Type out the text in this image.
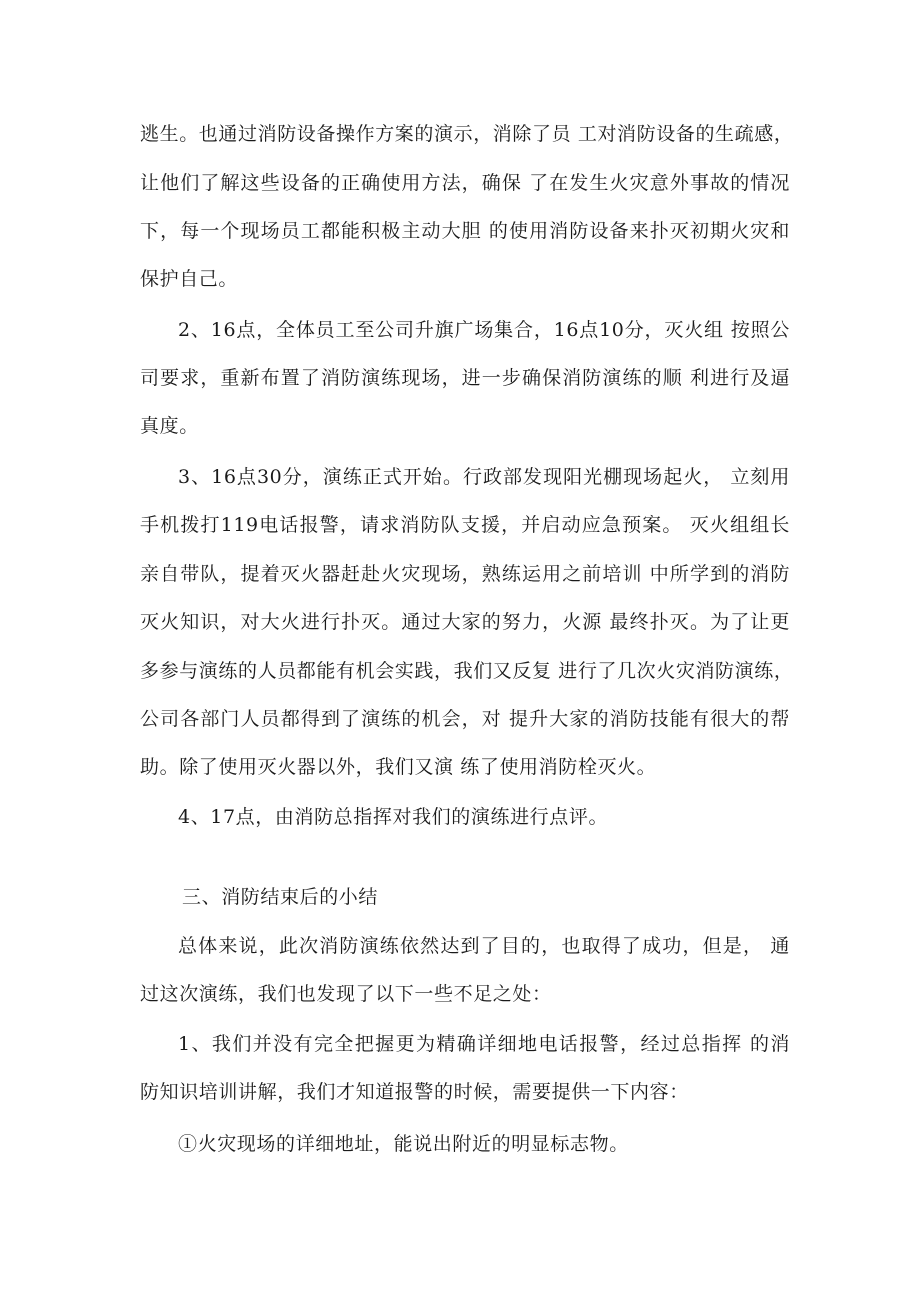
逃生。也通过消防设备操作方案的演示，消除了员 工对消防设备的生疏感，
让他们了解这些设备的正确使用方法，确保 了在发生火灾意外事故的情况
下，每一个现场员工都能积极主动大胆 的使用消防设备来扑灭初期火灾和
保护自己。
2、16点，全体员工至公司升旗广场集合，16点10分，灭火组 按照公
司要求，重新布置了消防演练现场，进一步确保消防演练的顺 利进行及逼
真度。
3、16点30分，演练正式开始。行政部发现阳光棚现场起火， 立刻用
手机拨打119电话报警，请求消防队支援，并启动应急预案。 灭火组组长
亲自带队，提着灭火器赶赴火灾现场，熟练运用之前培训 中所学到的消防
灭火知识，对大火进行扑灭。通过大家的努力，火源 最终扑灭。为了让更
多参与演练的人员都能有机会实践，我们又反复 进行了几次火灾消防演练，
公司各部门人员都得到了演练的机会，对 提升大家的消防技能有很大的帮
助。除了使用灭火器以外，我们又演 练了使用消防栓灭火。
4、17点，由消防总指挥对我们的演练进行点评。
三、消防结束后的小结
总体来说，此次消防演练依然达到了目的，也取得了成功，但是， 通
过这次演练，我们也发现了以下一些不足之处：
1、我们并没有完全把握更为精确详细地电话报警，经过总指挥 的消
防知识培训讲解，我们才知道报警的时候，需要提供一下内容：
①火灾现场的详细地址，能说出附近的明显标志物。
